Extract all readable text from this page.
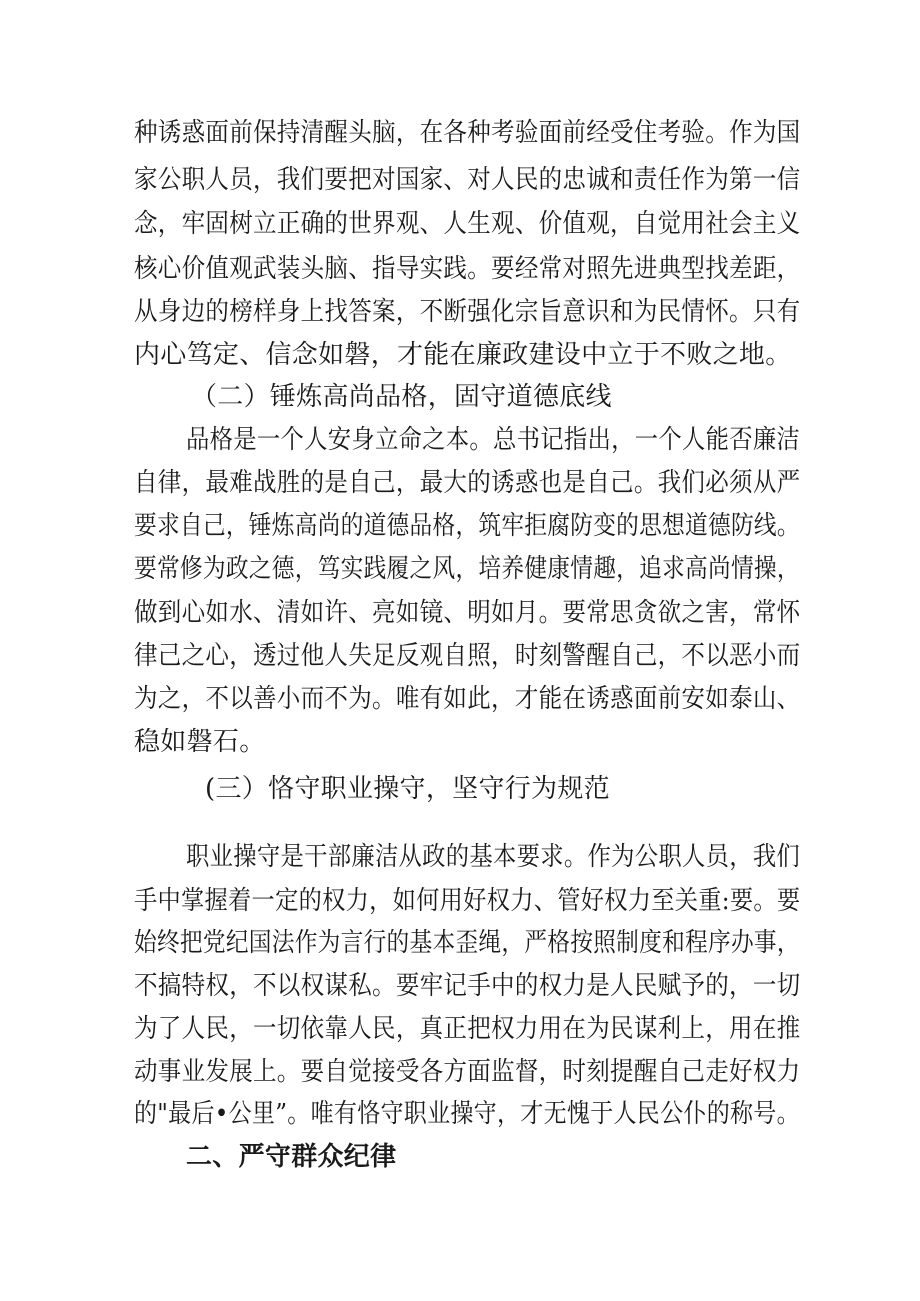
种诱惑面前保持清醒头脑，在各种考验面前经受住考验。作为国
家公职人员，我们要把对国家、对人民的忠诚和责任作为第一信
念，牢固树立正确的世界观、人生观、价值观，自觉用社会主义
核心价值观武装头脑、指导实践。要经常对照先进典型找差距，
从身边的榜样身上找答案，不断强化宗旨意识和为民情怀。只有
内心笃定、信念如磐，才能在廉政建设中立于不败之地。
（二）锤炼高尚品格，固守道德底线
品格是一个人安身立命之本。总书记指出，一个人能否廉洁
自律，最难战胜的是自己，最大的诱惑也是自己。我们必须从严
要求自己，锤炼高尚的道德品格，筑牢拒腐防变的思想道德防线。
要常修为政之德，笃实践履之风，培养健康情趣，追求高尚情操，
做到心如水、清如许、亮如镜、明如月。要常思贪欲之害，常怀
律己之心，透过他人失足反观自照，时刻警醒自己，不以恶小而
为之，不以善小而不为。唯有如此，才能在诱惑面前安如泰山、
稳如磐石。
(三）恪守职业操守，坚守行为规范
职业操守是干部廉洁从政的基本要求。作为公职人员，我们
手中掌握着一定的权力，如何用好权力、管好权力至关重:要。要
始终把党纪国法作为言行的基本歪绳，严格按照制度和程序办事，
不搞特权，不以权谋私。要牢记手中的权力是人民赋予的，一切
为了人民，一切依靠人民，真正把权力用在为民谋利上，用在推
动事业发展上。要自觉接受各方面监督，时刻提醒自己走好权力
的"最后•公里”。唯有恪守职业操守，才无愧于人民公仆的称号。
二、严守群众纪律
